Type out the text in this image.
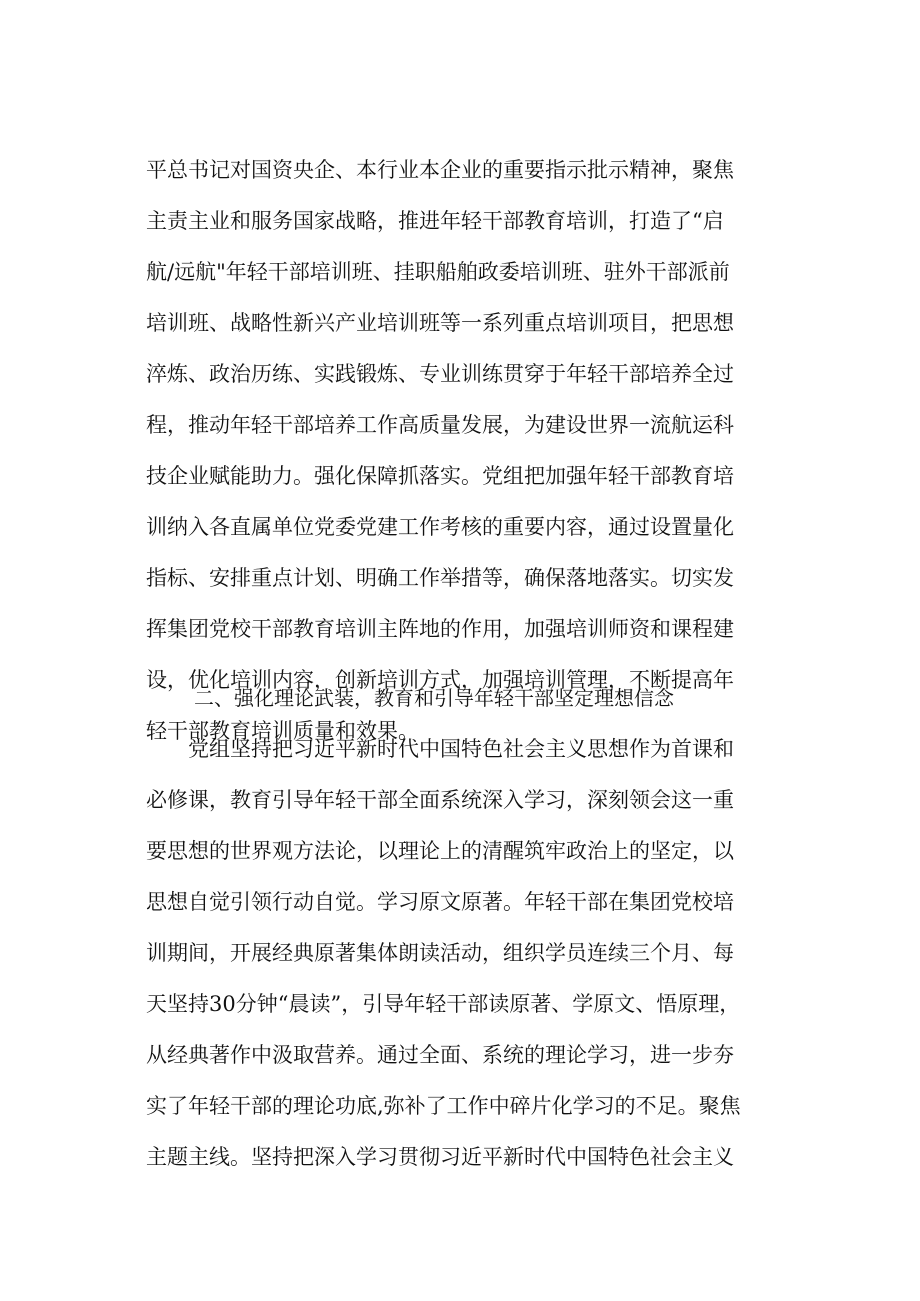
平总书记对国资央企、本行业本企业的重要指示批示精神，聚焦
主责主业和服务国家战略，推进年轻干部教育培训，打造了“启
航/远航"年轻干部培训班、挂职船舶政委培训班、驻外干部派前
培训班、战略性新兴产业培训班等一系列重点培训项目，把思想
淬炼、政治历练、实践锻炼、专业训练贯穿于年轻干部培养全过
程，推动年轻干部培养工作高质量发展，为建设世界一流航运科
技企业赋能助力。强化保障抓落实。党组把加强年轻干部教育培
训纳入各直属单位党委党建工作考核的重要内容，通过设置量化
指标、安排重点计划、明确工作举措等，确保落地落实。切实发
挥集团党校干部教育培训主阵地的作用，加强培训师资和课程建
设，优化培训内容，创新培训方式，加强培训管理，不断提高年
轻干部教育培训质量和效果。
二、强化理论武装，教育和引导年轻干部坚定理想信念
党组坚持把习近平新时代中国特色社会主义思想作为首课和
必修课，教育引导年轻干部全面系统深入学习，深刻领会这一重
要思想的世界观方法论，以理论上的清醒筑牢政治上的坚定，以
思想自觉引领行动自觉。学习原文原著。年轻干部在集团党校培
训期间，开展经典原著集体朗读活动，组织学员连续三个月、每
天坚持30分钟“晨读”，引导年轻干部读原著、学原文、悟原理，
从经典著作中汲取营养。通过全面、系统的理论学习，进一步夯
实了年轻干部的理论功底,弥补了工作中碎片化学习的不足。聚焦
主题主线。坚持把深入学习贯彻习近平新时代中国特色社会主义
